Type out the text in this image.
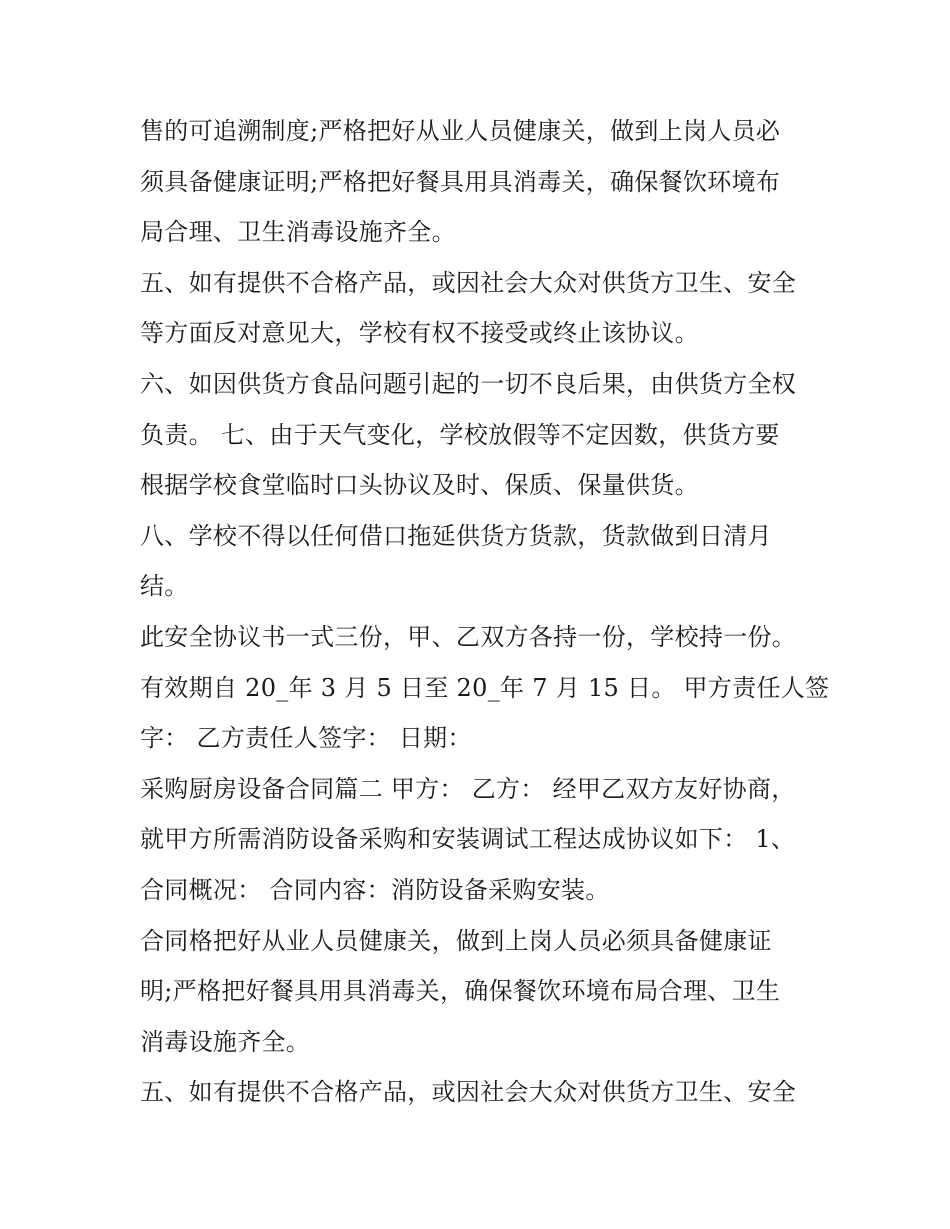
售的可追溯制度;严格把好从业人员健康关，做到上岗人员必
须具备健康证明;严格把好餐具用具消毒关，确保餐饮环境布
局合理、卫生消毒设施齐全。
五、如有提供不合格产品，或因社会大众对供货方卫生、安全
等方面反对意见大，学校有权不接受或终止该协议。
六、如因供货方食品问题引起的一切不良后果，由供货方全权
负责。 七、由于天气变化，学校放假等不定因数，供货方要
根据学校食堂临时口头协议及时、保质、保量供货。
八、学校不得以任何借口拖延供货方货款，货款做到日清月
结。
此安全协议书一式三份，甲、乙双方各持一份，学校持一份。
有效期自 20_年 3 月 5 日至 20_年 7 月 15 日。 甲方责任人签
字： 乙方责任人签字： 日期：
采购厨房设备合同篇二 甲方： 乙方： 经甲乙双方友好协商，
就甲方所需消防设备采购和安装调试工程达成协议如下： 1、
合同概况： 合同内容：消防设备采购安装。
合同格把好从业人员健康关，做到上岗人员必须具备健康证
明;严格把好餐具用具消毒关，确保餐饮环境布局合理、卫生
消毒设施齐全。
五、如有提供不合格产品，或因社会大众对供货方卫生、安全
